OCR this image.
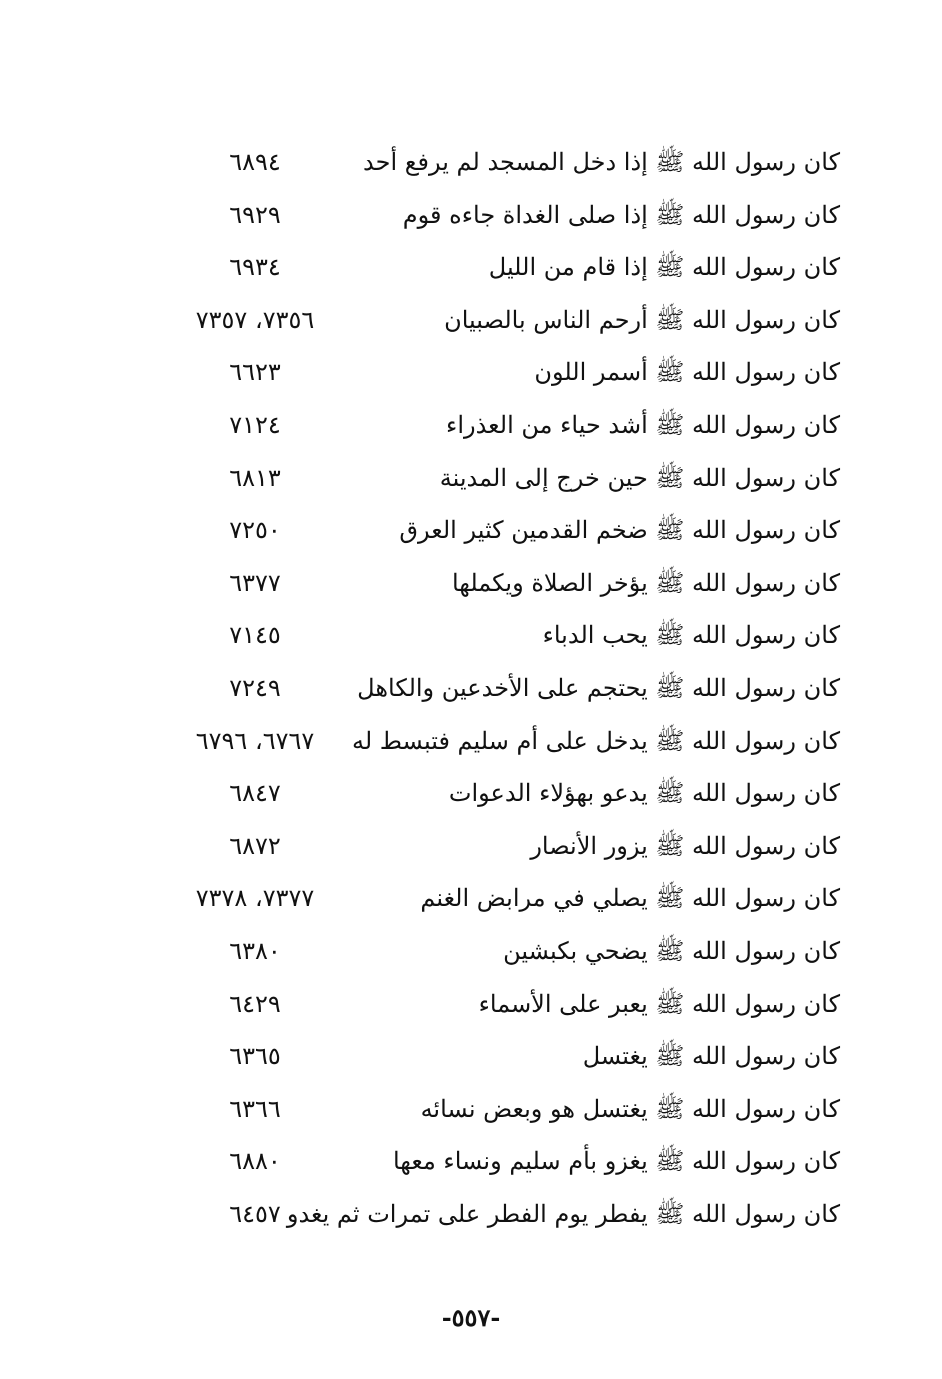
كان رسول الله ﷺ إذا دخل المسجد لم يرفع أحد
٦٨٩٤
كان رسول الله ﷺ إذا صلى الغداة جاءه قوم
٦٩٢٩
كان رسول الله ﷺ إذا قام من الليل
٦٩٣٤
كان رسول الله ﷺ أرحم الناس بالصبيان
٧٣٥٦، ٧٣٥٧
كان رسول الله ﷺ أسمر اللون
٦٦٢٣
كان رسول الله ﷺ أشد حياء من العذراء
٧١٢٤
كان رسول الله ﷺ حين خرج إلى المدينة
٦٨١٣
كان رسول الله ﷺ ضخم القدمين كثير العرق
٧٢٥٠
كان رسول الله ﷺ يؤخر الصلاة ويكملها
٦٣٧٧
كان رسول الله ﷺ يحب الدباء
٧١٤٥
كان رسول الله ﷺ يحتجم على الأخدعين والكاهل
٧٢٤٩
كان رسول الله ﷺ يدخل على أم سليم فتبسط له
٦٧٦٧، ٦٧٩٦
كان رسول الله ﷺ يدعو بهؤلاء الدعوات
٦٨٤٧
كان رسول الله ﷺ يزور الأنصار
٦٨٧٢
كان رسول الله ﷺ يصلي في مرابض الغنم
٧٣٧٧، ٧٣٧٨
كان رسول الله ﷺ يضحي بكبشين
٦٣٨٠
كان رسول الله ﷺ يعبر على الأسماء
٦٤٢٩
كان رسول الله ﷺ يغتسل
٦٣٦٥
كان رسول الله ﷺ يغتسل هو وبعض نسائه
٦٣٦٦
كان رسول الله ﷺ يغزو بأم سليم ونساء معها
٦٨٨٠
كان رسول الله ﷺ يفطر يوم الفطر على تمرات ثم يغدو
٦٤٥٧
-٥٥٧-
